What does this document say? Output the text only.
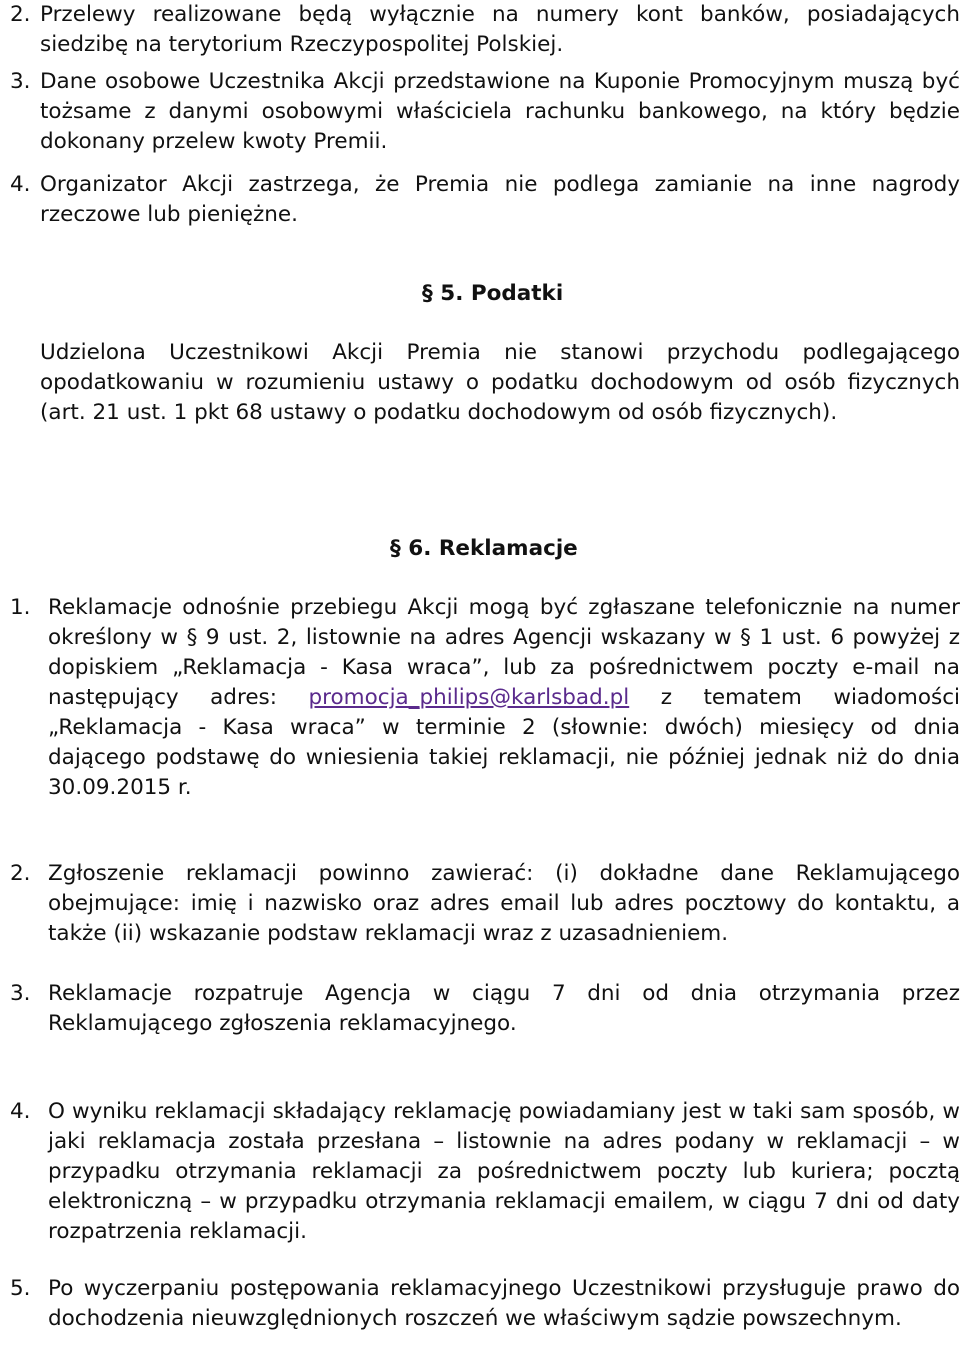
2. Przelewy realizowane będą wyłącznie na numery kont banków, posiadających siedzibę na terytorium Rzeczypospolitej Polskiej.
3. Dane osobowe Uczestnika Akcji przedstawione na Kuponie Promocyjnym muszą być tożsame z danymi osobowymi właściciela rachunku bankowego, na który będzie dokonany przelew kwoty Premii.
4. Organizator Akcji zastrzega, że Premia nie podlega zamianie na inne nagrody rzeczowe lub pieniężne.
§ 5. Podatki
Udzielona Uczestnikowi Akcji Premia nie stanowi przychodu podlegającego opodatkowaniu w rozumieniu ustawy o podatku dochodowym od osób fizycznych (art. 21 ust. 1 pkt 68 ustawy o podatku dochodowym od osób fizycznych).
§ 6. Reklamacje
1. Reklamacje odnośnie przebiegu Akcji mogą być zgłaszane telefonicznie na numer określony w § 9 ust. 2, listownie na adres Agencji wskazany w § 1 ust. 6 powyżej z dopiskiem „Reklamacja - Kasa wraca”, lub za pośrednictwem poczty e-mail na następujący adres: promocja_philips@karlsbad.pl z tematem wiadomości „Reklamacja - Kasa wraca” w terminie 2 (słownie: dwóch) miesięcy od dnia dającego podstawę do wniesienia takiej reklamacji, nie później jednak niż do dnia 30.09.2015 r.
2. Zgłoszenie reklamacji powinno zawierać: (i) dokładne dane Reklamującego obejmujące: imię i nazwisko oraz adres email lub adres pocztowy do kontaktu, a także (ii) wskazanie podstaw reklamacji wraz z uzasadnieniem.
3. Reklamacje rozpatruje Agencja w ciągu 7 dni od dnia otrzymania przez Reklamującego zgłoszenia reklamacyjnego.
4. O wyniku reklamacji składający reklamację powiadamiany jest w taki sam sposób, w jaki reklamacja została przesłana – listownie na adres podany w reklamacji – w przypadku otrzymania reklamacji za pośrednictwem poczty lub kuriera; pocztą elektroniczną – w przypadku otrzymania reklamacji emailem, w ciągu 7 dni od daty rozpatrzenia reklamacji.
5. Po wyczerpaniu postępowania reklamacyjnego Uczestnikowi przysługuje prawo do dochodzenia nieuwzględnionych roszczeń we właściwym sądzie powszechnym.
